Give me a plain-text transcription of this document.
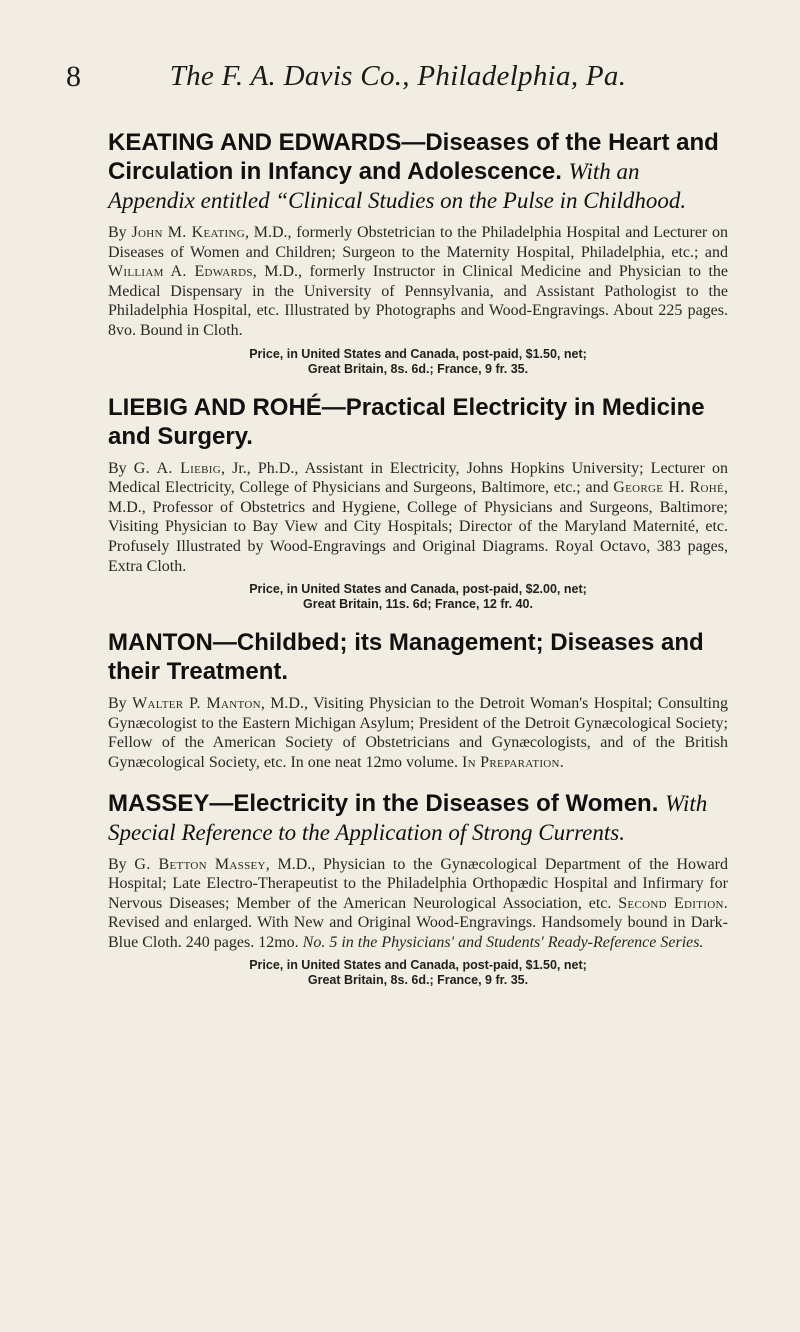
8	The F. A. Davis Co., Philadelphia, Pa.
KEATING AND EDWARDS—Diseases of the Heart and Circulation in Infancy and Adolescence. With an Appendix entitled “Clinical Studies on the Pulse in Childhood.

By John M. Keating, M.D., formerly Obstetrician to the Philadelphia Hospital and Lecturer on Diseases of Women and Children; Surgeon to the Maternity Hospital, Philadelphia, etc.; and William A. Edwards, M.D., formerly Instructor in Clinical Medicine and Physician to the Medical Dispensary in the University of Pennsylvania, and Assistant Pathologist to the Philadelphia Hospital, etc. Illustrated by Photographs and Wood-Engravings. About 225 pages. 8vo. Bound in Cloth.

Price, in United States and Canada, post-paid, $1.50, net;

Great Britain, 8s. 6d.; France, 9 fr. 35.

LIEBIG AND ROHÉ—Practical Electricity in Medicine and Surgery.

By G. A. Liebig, Jr., Ph.D., Assistant in Electricity, Johns Hopkins University; Lecturer on Medical Electricity, College of Physicians and Surgeons, Baltimore, etc.; and George H. Rohé, M.D., Professor of Obstetrics and Hygiene, College of Physicians and Surgeons, Baltimore; Visiting Physician to Bay View and City Hospitals; Director of the Maryland Maternité, etc. Profusely Illustrated by Wood-Engravings and Original Diagrams. Royal Octavo, 383 pages, Extra Cloth.

Price, in United States and Canada, post-paid, $2.00, net;

Great Britain, 11s. 6d; France, 12 fr. 40.

MANTON—Childbed; its Management; Diseases and their Treatment.

By Walter P. Manton, M.D., Visiting Physician to the Detroit Woman's Hospital; Consulting Gynæcologist to the Eastern Michigan Asylum; President of the Detroit Gynæcological Society; Fellow of the American Society of Obstetricians and Gynæcologists, and of the British Gynæcological Society, etc. In one neat 12mo volume. In Preparation.

MASSEY—Electricity in the Diseases of Women. With Special Reference to the Application of Strong Currents.

By G. Betton Massey, M.D., Physician to the Gynæcological Department of the Howard Hospital; Late Electro-Therapeutist to the Philadelphia Orthopædic Hospital and Infirmary for Nervous Diseases; Member of the American Neurological Association, etc. Second Edition. Revised and enlarged. With New and Original Wood-Engravings. Handsomely bound in Dark-Blue Cloth. 240 pages. 12mo. No. 5 in the Physicians' and Students' Ready-Reference Series.

Price, in United States and Canada, post-paid, $1.50, net;

Great Britain, 8s. 6d.; France, 9 fr. 35.
